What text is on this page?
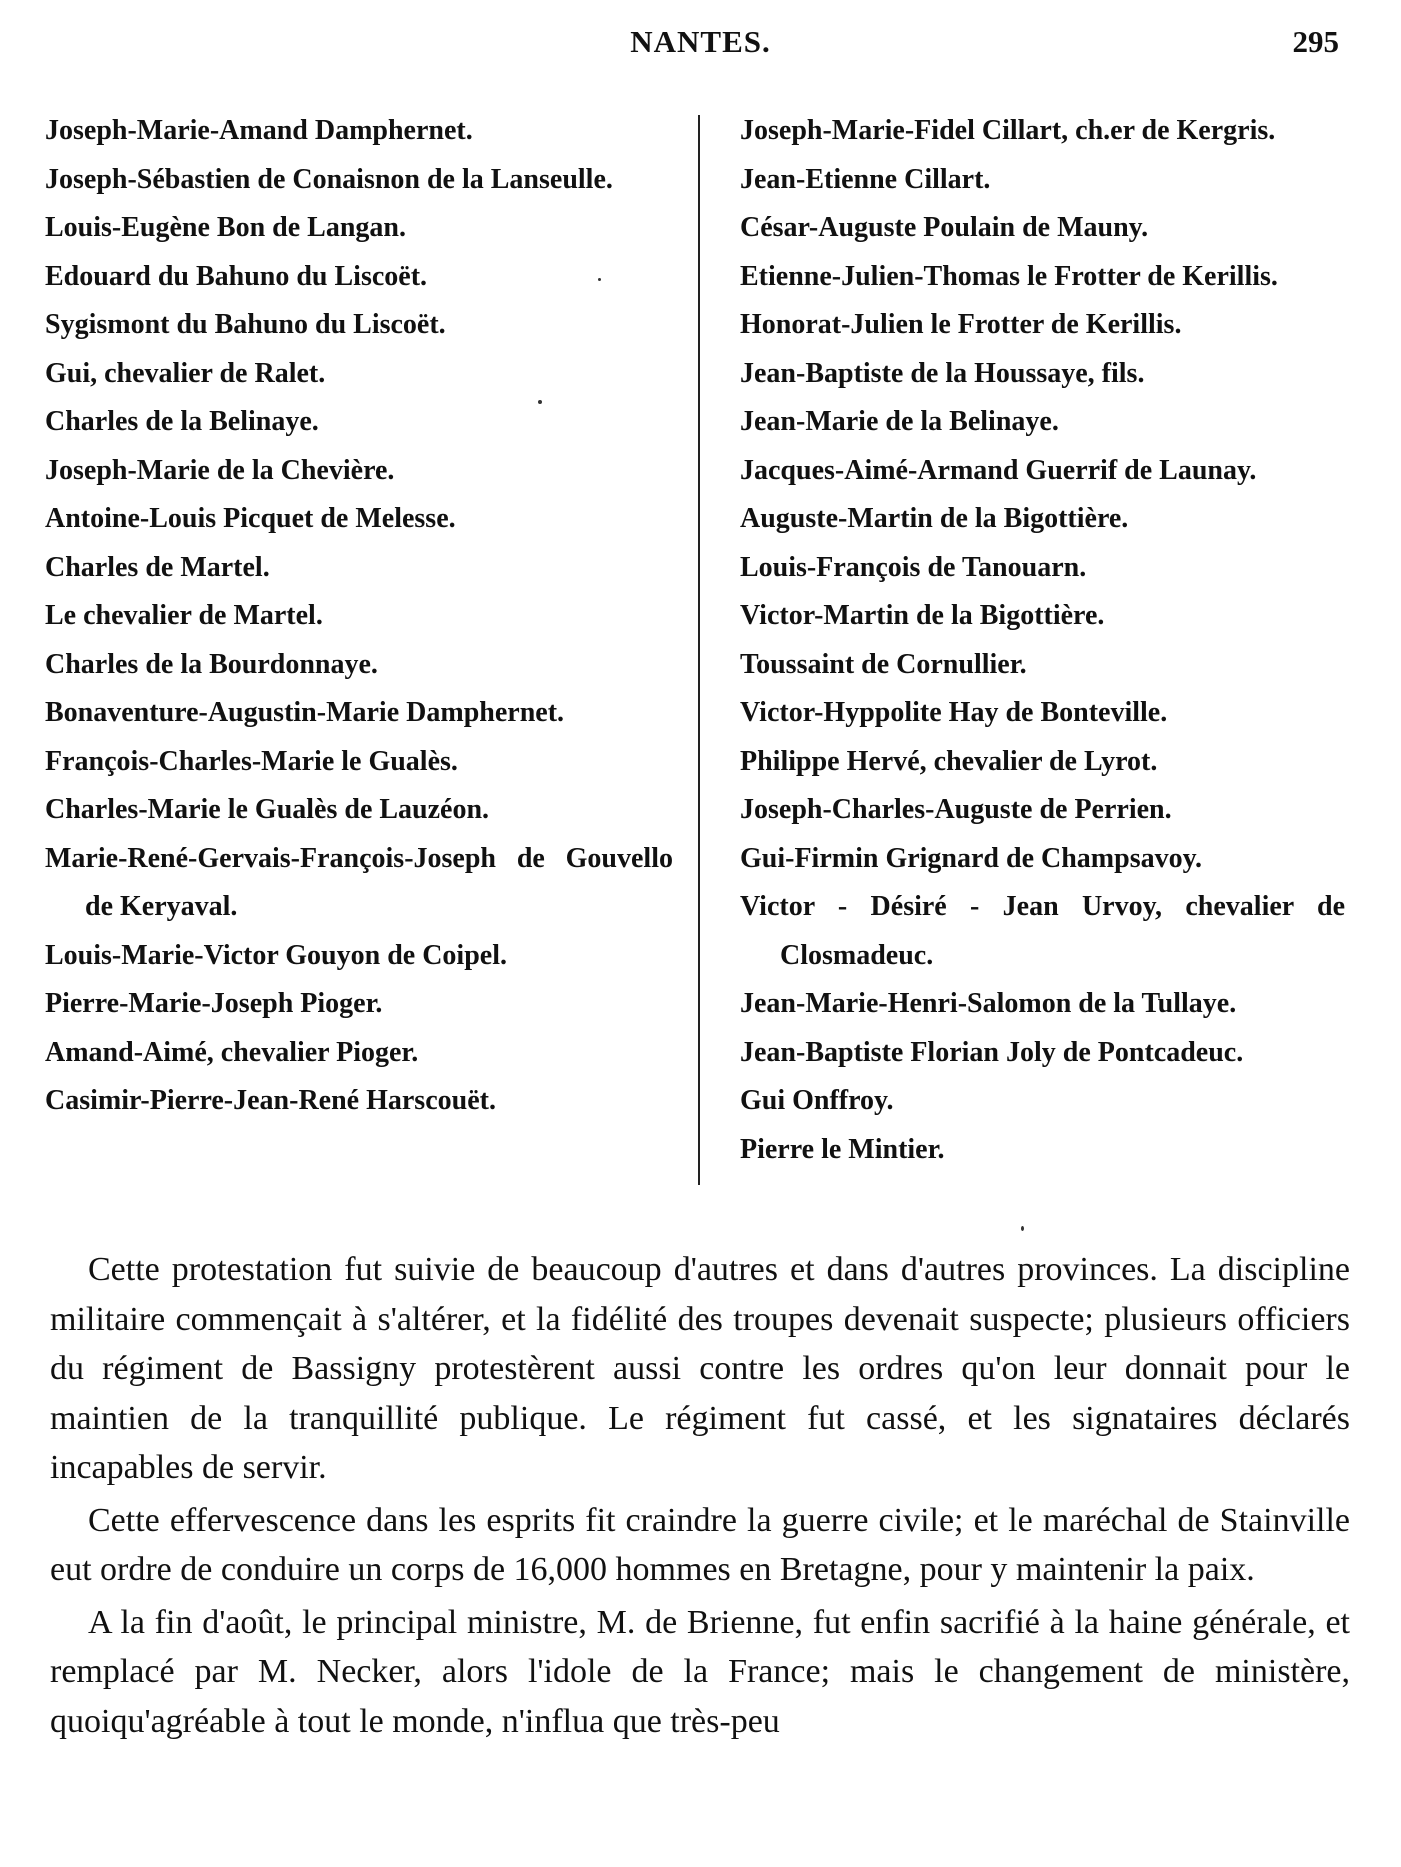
NANTES.	295

Joseph-Marie-Amand Damphernet.

Joseph-Sébastien de Conaisnon de la Lanseulle.

Louis-Eugène Bon de Langan.

Edouard du Bahuno du Liscoët.

Sygismont du Bahuno du Liscoët.

Gui, chevalier de Ralet.

Charles de la Belinaye.

Joseph-Marie de la Chevière.

Antoine-Louis Picquet de Melesse.

Charles de Martel.

Le chevalier de Martel.

Charles de la Bourdonnaye.

Bonaventure-Augustin-Marie Damphernet.

François-Charles-Marie le Gualès.

Charles-Marie le Gualès de Lauzéon.

Marie-René-Gervais-François-Joseph de Gouvello de Keryaval.

Louis-Marie-Victor Gouyon de Coipel.

Pierre-Marie-Joseph Pioger.

Amand-Aimé, chevalier Pioger.

Casimir-Pierre-Jean-René Harscouët.

Joseph-Marie-Fidel Cillart, ch.er de Kergris.

Jean-Etienne Cillart.

César-Auguste Poulain de Mauny.

Etienne-Julien-Thomas le Frotter de Kerillis.

Honorat-Julien le Frotter de Kerillis.

Jean-Baptiste de la Houssaye, fils.

Jean-Marie de la Belinaye.

Jacques-Aimé-Armand Guerrif de Launay.

Auguste-Martin de la Bigottière.

Louis-François de Tanouarn.

Victor-Martin de la Bigottière.

Toussaint de Cornullier.

Victor-Hyppolite Hay de Bonteville.

Philippe Hervé, chevalier de Lyrot.

Joseph-Charles-Auguste de Perrien.

Gui-Firmin Grignard de Champsavoy.

Victor - Désiré - Jean Urvoy, chevalier de Closmadeuc.

Jean-Marie-Henri-Salomon de la Tullaye.

Jean-Baptiste Florian Joly de Pontcadeuc.

Gui Onffroy.

Pierre le Mintier.

Cette protestation fut suivie de beaucoup d'autres et dans d'autres provinces. La discipline militaire commençait à s'altérer, et la fidélité des troupes devenait suspecte; plusieurs officiers du régiment de Bassigny protestèrent aussi contre les ordres qu'on leur donnait pour le maintien de la tranquillité publique. Le régiment fut cassé, et les signataires déclarés incapables de servir.

Cette effervescence dans les esprits fit craindre la guerre civile; et le maréchal de Stainville eut ordre de conduire un corps de 16,000 hommes en Bretagne, pour y maintenir la paix.

A la fin d'août, le principal ministre, M. de Brienne, fut enfin sacrifié à la haine générale, et remplacé par M. Necker, alors l'idole de la France; mais le changement de ministère, quoiqu'agréable à tout le monde, n'influa que très-peu
